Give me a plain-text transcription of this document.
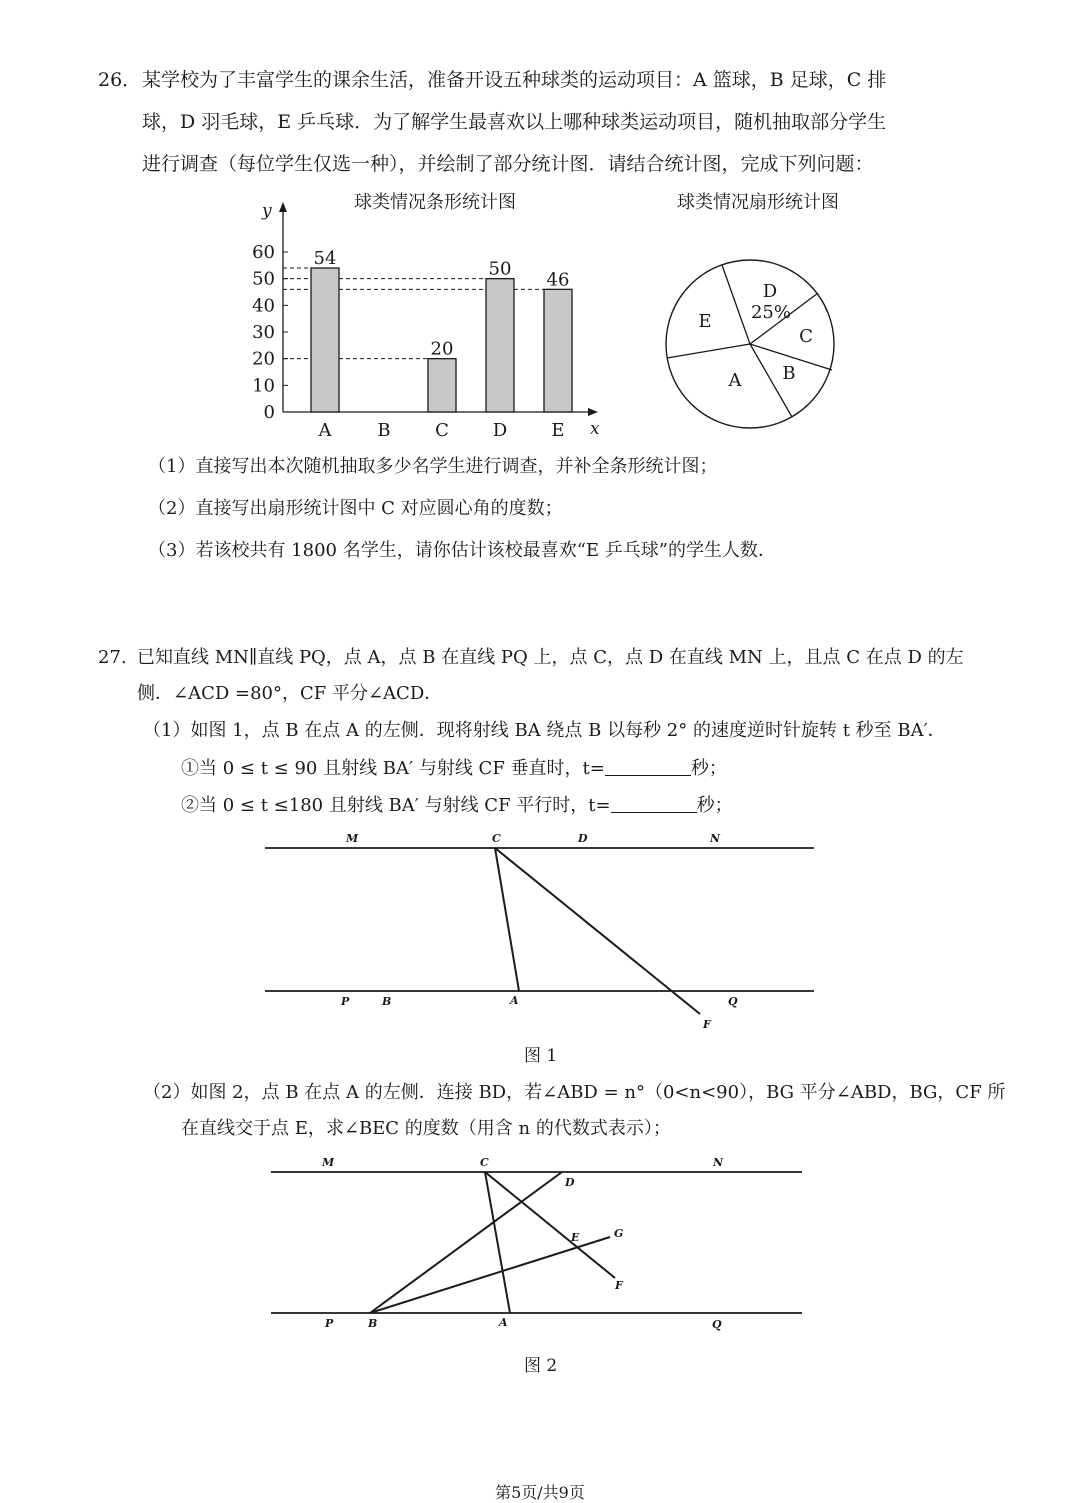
26． 某学校为了丰富学生的课余生活，准备开设五种球类的运动项目：A 篮球，B 足球，C 排
球，D 羽毛球，E 乒乓球．为了解学生最喜欢以上哪种球类运动项目，随机抽取部分学生
进行调查（每位学生仅选一种），并绘制了部分统计图．请结合统计图，完成下列问题：
球类情况条形统计图
y
x
0
10
20
30
40
50
60
A
54
B C
20
D
50
E
46
球类情况扇形统计图
D
25%
C
B
A
E
（1）直接写出本次随机抽取多少名学生进行调查，并补全条形统计图；
（2）直接写出扇形统计图中 C 对应圆心角的度数；
（3）若该校共有 1800 名学生，请你估计该校最喜欢“E 乒乓球”的学生人数．
27. 已知直线 MN∥直线 PQ，点 A，点 B 在直线 PQ 上，点 C，点 D 在直线 MN 上，且点 C 在点 D 的左
侧．∠ACD =80°，CF 平分∠ACD．
（1）如图 1，点 B 在点 A 的左侧．现将射线 BA 绕点 B 以每秒 2° 的速度逆时针旋转 t 秒至 BA′．
①当 0 ≤ t ≤ 90 且射线 BA′ 与射线 CF 垂直时，t=	秒；
②当 0 ≤ t ≤180 且射线 BA′ 与射线 CF 平行时，t=	秒；
M	C	D	N
P	B	A	Q
F
图 1
（2）如图 2，点 B 在点 A 的左侧．连接 BD，若∠ABD = n°（0<n<90），BG 平分∠ABD，BG，CF 所
在直线交于点 E，求∠BEC 的度数（用含 n 的代数式表示）；
M	C	N
D
E	G
F
P	B	A	Q
图 2
第5页/共9页
